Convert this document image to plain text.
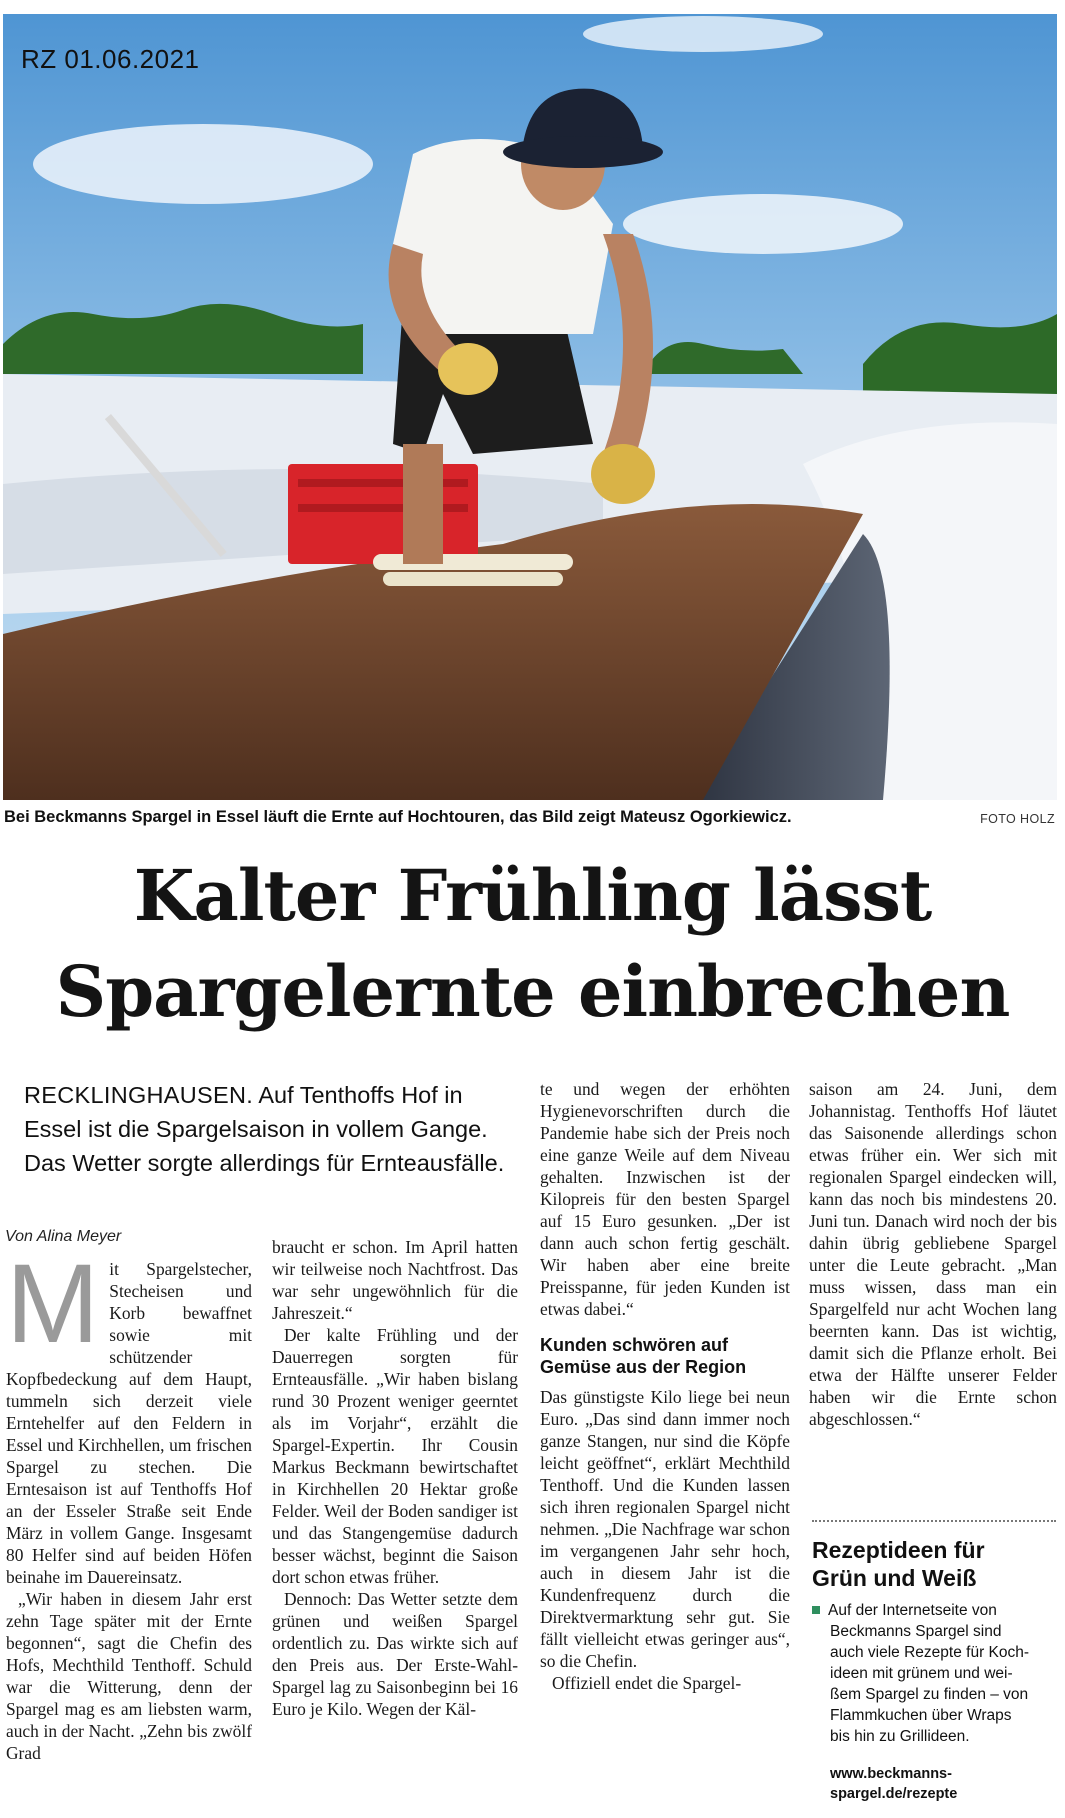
RZ 01.06.2021
Bei Beckmanns Spargel in Essel läuft die Ernte auf Hochtouren, das Bild zeigt Mateusz Ogorkiewicz.	FOTO HOLZ
Kalter Frühling lässt
Spargelernte einbrechen
RECKLINGHAUSEN. Auf Tenthoffs Hof in Essel ist die Spargelsaison in vollem Gange. Das Wetter sorgte allerdings für Ernteausfälle.
Von Alina Meyer

Mit Spargelstecher, Stecheisen und Korb bewaffnet sowie mit schützender Kopfbedeckung auf dem Haupt, tummeln sich derzeit viele Erntehelfer auf den Feldern in Essel und Kirchhellen, um frischen Spargel zu stechen. Die Erntesaison ist auf Tenthoffs Hof an der Esseler Straße seit Ende März in vollem Gange. Insgesamt 80 Helfer sind auf beiden Höfen beinahe im Dauereinsatz.

„Wir haben in diesem Jahr erst zehn Tage später mit der Ernte begonnen“, sagt die Chefin des Hofs, Mechthild Tenthoff. Schuld war die Witterung, denn der Spargel mag es am liebsten warm, auch in der Nacht. „Zehn bis zwölf Grad

braucht er schon. Im April hatten wir teilweise noch Nachtfrost. Das war sehr ungewöhnlich für die Jahreszeit.“

Der kalte Frühling und der Dauerregen sorgten für Ernteausfälle. „Wir haben bislang rund 30 Prozent weniger geerntet als im Vorjahr“, erzählt die Spargel-Expertin. Ihr Cousin Markus Beckmann bewirtschaftet in Kirchhellen 20 Hektar große Felder. Weil der Boden sandiger ist und das Stangengemüse dadurch besser wächst, beginnt die Saison dort schon etwas früher.

Dennoch: Das Wetter setzte dem grünen und weißen Spargel ordentlich zu. Das wirkte sich auf den Preis aus. Der Erste-Wahl-Spargel lag zu Saisonbeginn bei 16 Euro je Kilo. Wegen der Käl-

te und wegen der erhöhten Hygienevorschriften durch die Pandemie habe sich der Preis noch eine ganze Weile auf dem Niveau gehalten. Inzwischen ist der Kilopreis für den besten Spargel auf 15 Euro gesunken. „Der ist dann auch schon fertig geschält. Wir haben aber eine breite Preisspanne, für jeden Kunden ist etwas dabei.“

Kunden schwören auf Gemüse aus der Region

Das günstigste Kilo liege bei neun Euro. „Das sind dann immer noch ganze Stangen, nur sind die Köpfe leicht geöffnet“, erklärt Mechthild Tenthoff. Und die Kunden lassen sich ihren regionalen Spargel nicht nehmen. „Die Nachfrage war schon im vergangenen Jahr sehr hoch, auch in diesem Jahr ist die Kundenfrequenz durch die Direktvermarktung sehr gut. Sie fällt vielleicht etwas geringer aus“, so die Chefin.

Offiziell endet die Spargel-

saison am 24. Juni, dem Johannistag. Tenthoffs Hof läutet das Saisonende allerdings schon etwas früher ein. Wer sich mit regionalen Spargel eindecken will, kann das noch bis mindestens 20. Juni tun. Danach wird noch der bis dahin übrig gebliebene Spargel unter die Leute gebracht. „Man muss wissen, dass man ein Spargelfeld nur acht Wochen lang beernten kann. Das ist wichtig, damit sich die Pflanze erholt. Bei etwa der Hälfte unserer Felder haben wir die Ernte schon abgeschlossen.“

Rezeptideen für
Grün und Weiß
Auf der Internetseite von
Beckmanns Spargel sind
auch viele Rezepte für Koch-
ideen mit grünem und wei-
ßem Spargel zu finden – von
Flammkuchen über Wraps
bis hin zu Grillideen.
www.beckmanns-spargel.de/rezepte
